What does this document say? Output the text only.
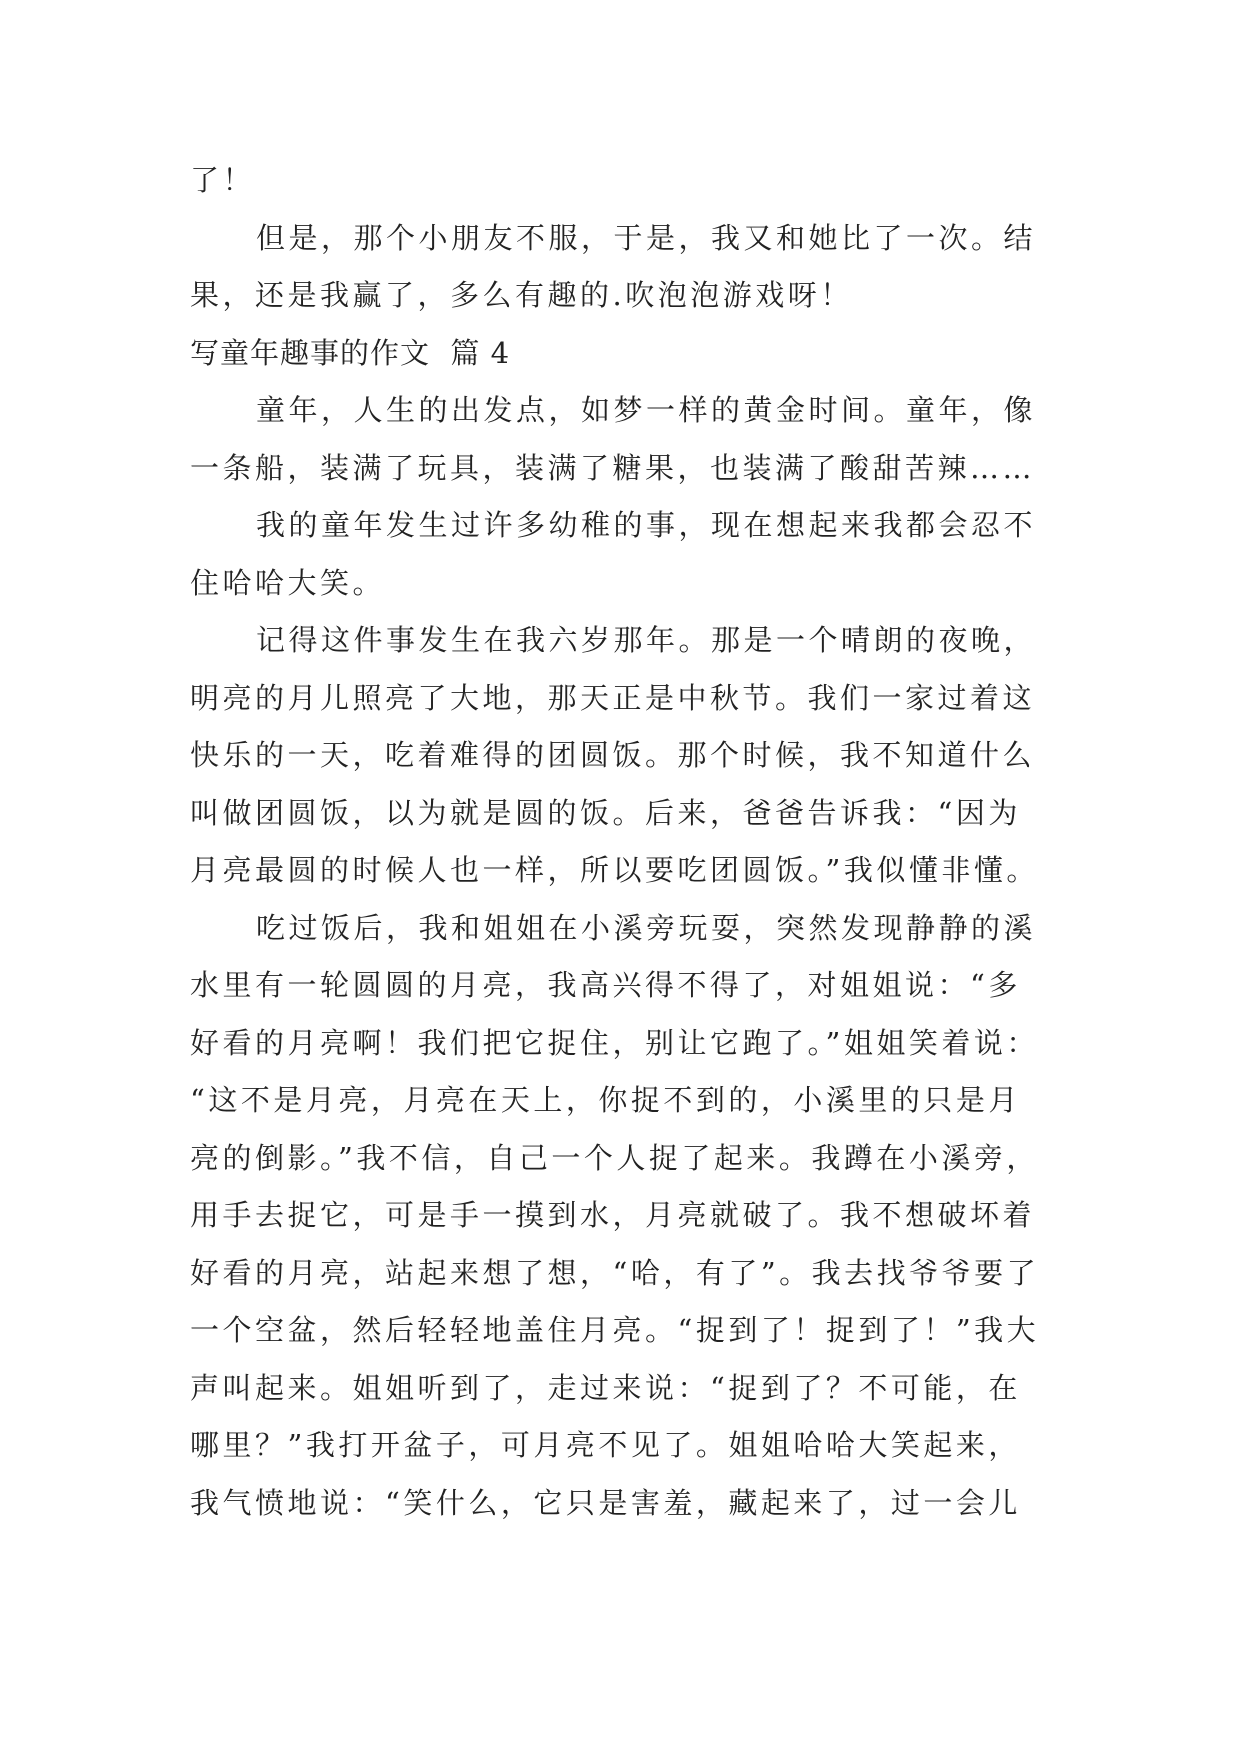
了！

但是，那个小朋友不服，于是，我又和她比了一次。结
果，还是我赢了，多么有趣的.吹泡泡游戏呀！

写童年趣事的作文  篇 4

童年，人生的出发点，如梦一样的黄金时间。童年，像
一条船，装满了玩具，装满了糖果，也装满了酸甜苦辣……

我的童年发生过许多幼稚的事，现在想起来我都会忍不
住哈哈大笑。

记得这件事发生在我六岁那年。那是一个晴朗的夜晚，
明亮的月儿照亮了大地，那天正是中秋节。我们一家过着这
快乐的一天，吃着难得的团圆饭。那个时候，我不知道什么
叫做团圆饭，以为就是圆的饭。后来，爸爸告诉我：“因为
月亮最圆的时候人也一样，所以要吃团圆饭。”我似懂非懂。

吃过饭后，我和姐姐在小溪旁玩耍，突然发现静静的溪
水里有一轮圆圆的月亮，我高兴得不得了，对姐姐说：“多
好看的月亮啊！我们把它捉住，别让它跑了。”姐姐笑着说：
“这不是月亮，月亮在天上，你捉不到的，小溪里的只是月
亮的倒影。”我不信，自己一个人捉了起来。我蹲在小溪旁，
用手去捉它，可是手一摸到水，月亮就破了。我不想破坏着
好看的月亮，站起来想了想，“哈，有了”。我去找爷爷要了
一个空盆，然后轻轻地盖住月亮。“捉到了！捉到了！”我大
声叫起来。姐姐听到了，走过来说：“捉到了？不可能，在
哪里？”我打开盆子，可月亮不见了。姐姐哈哈大笑起来，
我气愤地说：“笑什么，它只是害羞，藏起来了，过一会儿
